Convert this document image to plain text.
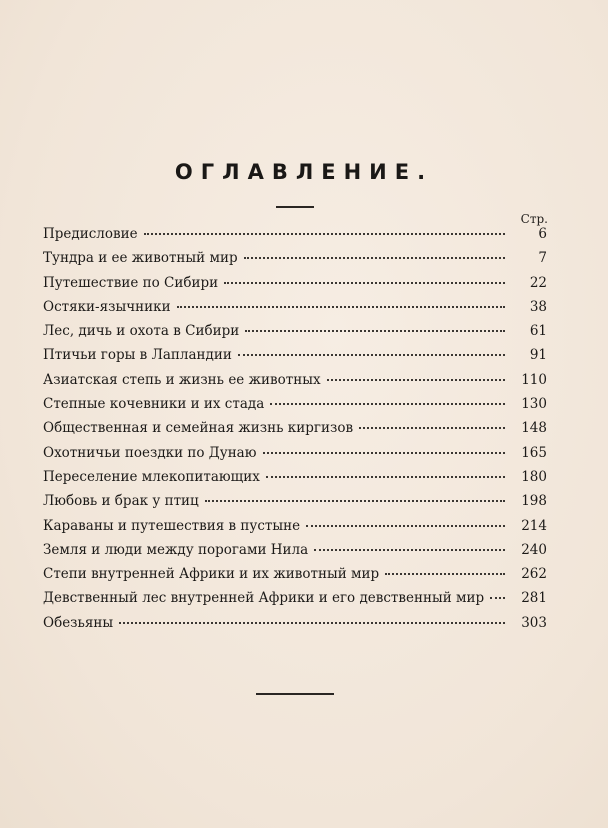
ОГЛАВЛЕНИЕ.
Стр.
Предисловие	6
Тундра и ее животный мир	7
Путешествие по Сибири	22
Остяки-язычники	38
Лес, дичь и охота в Сибири	61
Птичьи горы в Лапландии	91
Азиатская степь и жизнь ее животных	110
Степные кочевники и их стада	130
Общественная и семейная жизнь киргизов	148
Охотничьи поездки по Дунаю	165
Переселение млекопитающих	180
Любовь и брак у птиц	198
Караваны и путешествия в пустыне	214
Земля и люди между порогами Нила	240
Степи внутренней Африки и их животный мир	262
Девственный лес внутренней Африки и его девственный мир	281
Обезьяны	303
